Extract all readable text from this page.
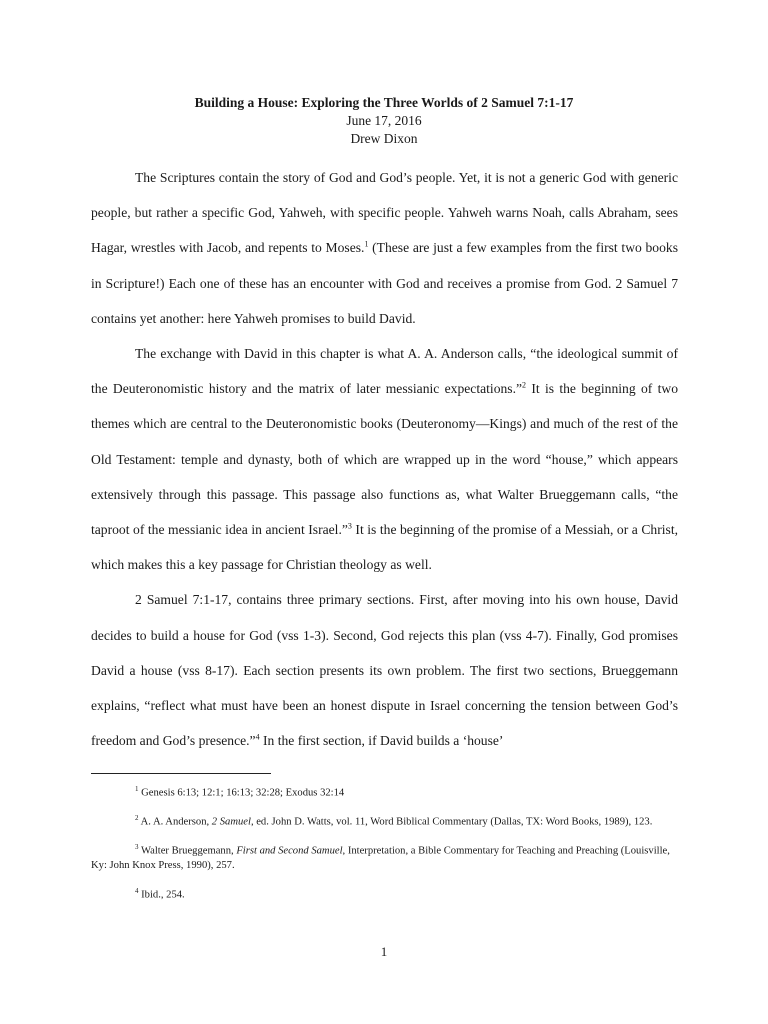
Building a House: Exploring the Three Worlds of 2 Samuel 7:1-17
June 17, 2016
Drew Dixon

The Scriptures contain the story of God and God’s people. Yet, it is not a generic God with generic people, but rather a specific God, Yahweh, with specific people. Yahweh warns Noah, calls Abraham, sees Hagar, wrestles with Jacob, and repents to Moses.$^1$ (These are just a few examples from the first two books in Scripture!) Each one of these has an encounter with God and receives a promise from God. 2 Samuel 7 contains yet another: here Yahweh promises to build David.

The exchange with David in this chapter is what A. A. Anderson calls, “the ideological summit of the Deuteronomistic history and the matrix of later messianic expectations.”$^2$ It is the beginning of two themes which are central to the Deuteronomistic books (Deuteronomy—Kings) and much of the rest of the Old Testament: temple and dynasty, both of which are wrapped up in the word “house,” which appears extensively through this passage. This passage also functions as, what Walter Brueggemann calls, “the taproot of the messianic idea in ancient Israel.”$^3$ It is the beginning of the promise of a Messiah, or a Christ, which makes this a key passage for Christian theology as well.

2 Samuel 7:1-17, contains three primary sections. First, after moving into his own house, David decides to build a house for God (vss 1-3). Second, God rejects this plan (vss 4-7). Finally, God promises David a house (vss 8-17). Each section presents its own problem. The first two sections, Brueggemann explains, “reflect what must have been an honest dispute in Israel concerning the tension between God’s freedom and God’s presence.”$^4$ In the first section, if David builds a ‘house’

$^1$ Genesis 6:13; 12:1; 16:13; 32:28; Exodus 32:14

$^2$ A. A. Anderson, 2 Samuel, ed. John D. Watts, vol. 11, Word Biblical Commentary (Dallas, TX: Word Books, 1989), 123.

$^3$ Walter Brueggemann, First and Second Samuel, Interpretation, a Bible Commentary for Teaching and Preaching (Louisville, Ky: John Knox Press, 1990), 257.

$^4$ Ibid., 254.

1
